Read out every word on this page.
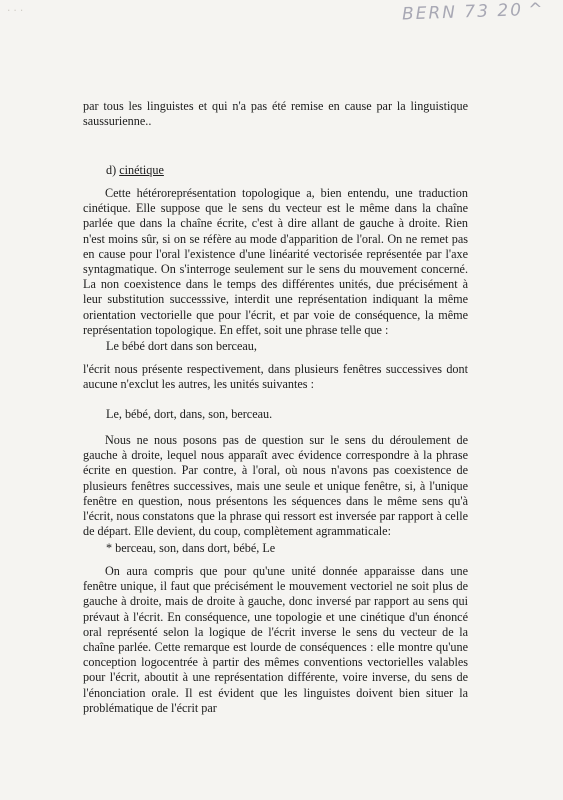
...	BERN 73 20 ^

par tous les linguistes et qui n'a pas été remise en cause par la linguistique saussurienne..

d) cinétique

Cette hétéroreprésentation topologique a, bien entendu, une traduction cinétique. Elle suppose que le sens du vecteur est le même dans la chaîne parlée que dans la chaîne écrite, c'est à dire allant de gauche à droite. Rien n'est moins sûr, si on se réfère au mode d'apparition de l'oral. On ne remet pas en cause pour l'oral l'existence d'une linéarité vectorisée représentée par l'axe syntagmatique. On s'interroge seulement sur le sens du mouvement concerné. La non coexistence dans le temps des différentes unités, due précisément à leur substitution successsive, interdit une représentation indiquant la même orientation vectorielle que pour l'écrit, et par voie de conséquence, la même représentation topologique. En effet, soit une phrase telle que :

Le bébé dort dans son berceau,

l'écrit nous présente respectivement, dans plusieurs fenêtres successives dont aucune n'exclut les autres, les unités suivantes :

Le, bébé, dort, dans, son, berceau.

Nous ne nous posons pas de question sur le sens du déroulement de gauche à droite, lequel nous apparaît avec évidence correspondre à la phrase écrite en question. Par contre, à l'oral, où nous n'avons pas coexistence de plusieurs fenêtres successives, mais une seule et unique fenêtre, si, à l'unique fenêtre en question, nous présentons les séquences dans le même sens qu'à l'écrit, nous constatons que la phrase qui ressort est inversée par rapport à celle de départ. Elle devient, du coup, complètement agrammaticale:

* berceau, son, dans dort, bébé, Le

On aura compris que pour qu'une unité donnée apparaisse dans une fenêtre unique, il faut que précisément le mouvement vectoriel ne soit plus de gauche à droite, mais de droite à gauche, donc inversé par rapport au sens qui prévaut à l'écrit. En conséquence, une topologie et une cinétique d'un énoncé oral représenté selon la logique de l'écrit inverse le sens du vecteur de la chaîne parlée. Cette remarque est lourde de conséquences : elle montre qu'une conception logocentrée à partir des mêmes conventions vectorielles valables pour l'écrit, aboutit à une représentation différente, voire inverse, du sens de l'énonciation orale. Il est évident que les linguistes doivent bien situer la problématique de l'écrit par
